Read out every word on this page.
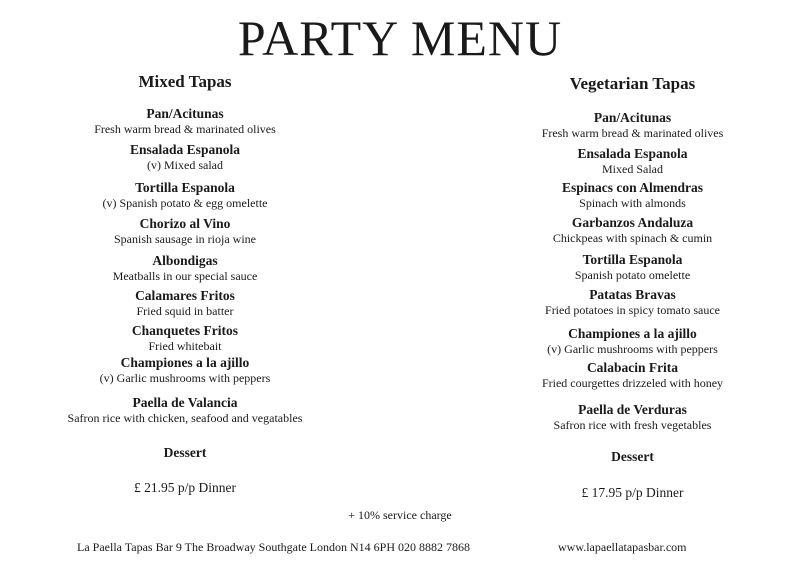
PARTY MENU
Mixed Tapas
Pan/Acitunas
Fresh warm bread & marinated olives
Ensalada Espanola
(v) Mixed salad
Tortilla Espanola
(v) Spanish potato & egg omelette
Chorizo al Vino
Spanish sausage in rioja wine
Albondigas
Meatballs in our special sauce
Calamares Fritos
Fried squid in batter
Chanquetes Fritos
Fried whitebait
Championes a la ajillo
(v) Garlic mushrooms with peppers
Paella de Valancia
Safron rice with chicken, seafood and vegatables
Dessert
£ 21.95 p/p Dinner
Vegetarian Tapas
Pan/Acitunas
Fresh warm bread & marinated olives
Ensalada Espanola
Mixed Salad
Espinacs con Almendras
Spinach with almonds
Garbanzos Andaluza
Chickpeas with spinach & cumin
Tortilla Espanola
Spanish potato omelette
Patatas Bravas
Fried potatoes in spicy tomato sauce
Championes a la ajillo
(v) Garlic mushrooms with peppers
Calabacin Frita
Fried courgettes drizzeled with honey
Paella de Verduras
Safron rice with fresh vegetables
Dessert
£ 17.95 p/p Dinner
+ 10% service charge
La Paella Tapas Bar 9 The Broadway Southgate London N14 6PH 020 8882 7868	www.lapaellatapasbar.com
